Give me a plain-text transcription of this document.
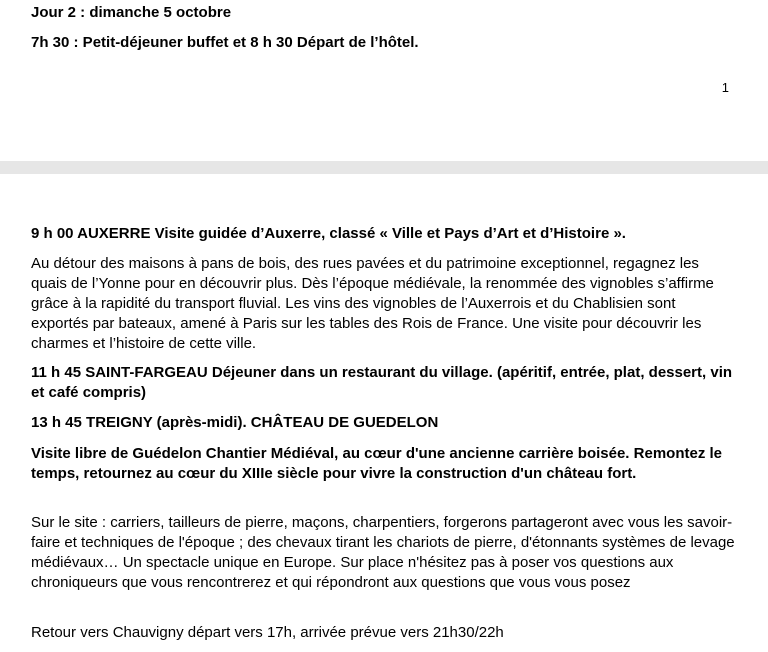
Jour 2 : dimanche 5 octobre
7h 30 : Petit-déjeuner buffet et 8 h 30 Départ de l’hôtel.
1
9 h 00 AUXERRE Visite guidée d’Auxerre, classé « Ville et Pays d’Art et d’Histoire ».
Au détour des maisons à pans de bois, des rues pavées et du patrimoine exceptionnel, regagnez les quais de l’Yonne pour en découvrir plus. Dès l’époque médiévale, la renommée des vignobles s’affirme grâce à la rapidité du transport fluvial. Les vins des vignobles de l’Auxerrois et du Chablisien sont exportés par bateaux, amené à Paris sur les tables des Rois de France. Une visite pour découvrir les charmes et l’histoire de cette ville.
11 h 45 SAINT-FARGEAU Déjeuner dans un restaurant du village. (apéritif, entrée, plat, dessert, vin et café compris)
13 h 45 TREIGNY (après-midi). CHÂTEAU DE GUEDELON
Visite libre de Guédelon Chantier Médiéval, au cœur d'une ancienne carrière boisée. Remontez le temps, retournez au cœur du XIIIe siècle pour vivre la construction d'un château fort.
Sur le site : carriers, tailleurs de pierre, maçons, charpentiers, forgerons partageront avec vous les savoir-faire et techniques de l'époque ; des chevaux tirant les chariots de pierre, d'étonnants systèmes de levage médiévaux… Un spectacle unique en Europe. Sur place n'hésitez pas à poser vos questions aux chroniqueurs que vous rencontrerez et qui répondront aux questions que vous vous posez
Retour vers Chauvigny départ vers 17h, arrivée prévue vers 21h30/22h
